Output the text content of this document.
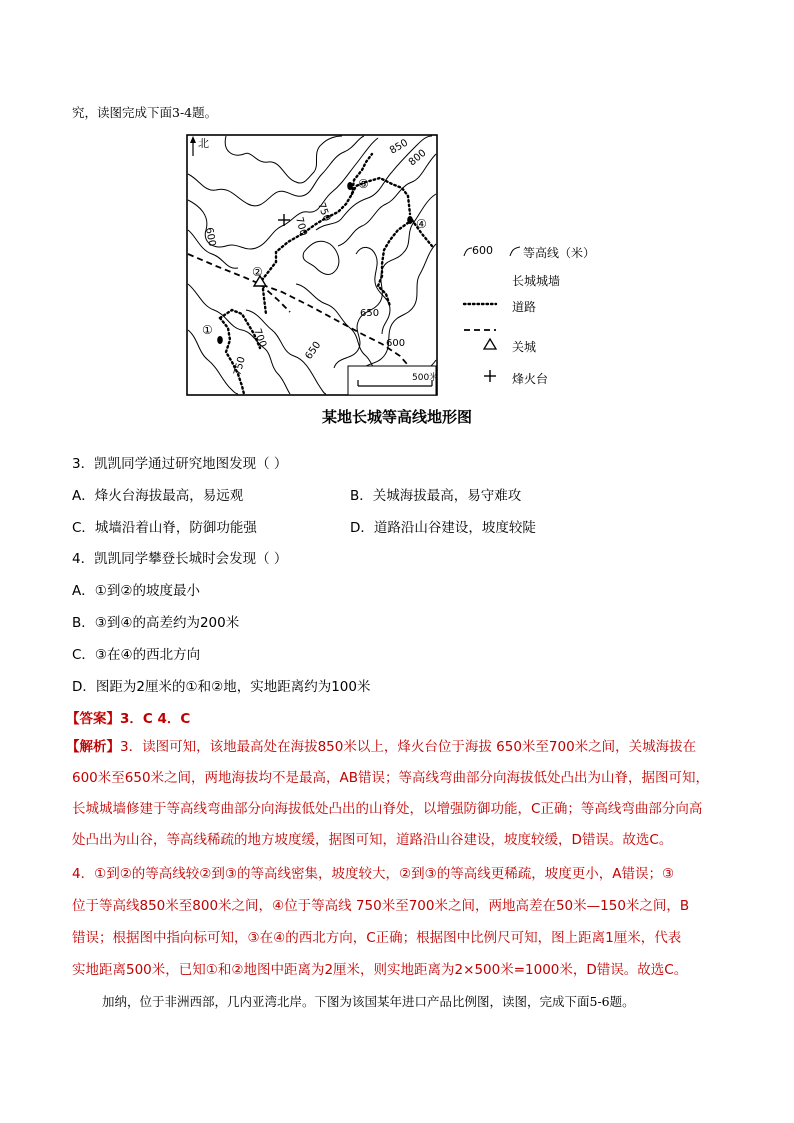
究，读图完成下面3-4题。
①
②
③
④
850
800
750
700
600
700
650
600
650
750
500米
北
600	等高线（米）
长城城墙
道路
关城
烽火台
某地长城等高线地形图
3．凯凯同学通过研究地图发现（ ）
A．烽火台海拔最高，易远观	B．关城海拔最高，易守难攻
C．城墙沿着山脊，防御功能强	D．道路沿山谷建设，坡度较陡
4．凯凯同学攀登长城时会发现（ ）
A．①到②的坡度最小
B．③到④的高差约为200米
C．③在④的西北方向
D．图距为2厘米的①和②地，实地距离约为100米
【答案】3．C 4．C
【解析】3．读图可知，该地最高处在海拔850米以上，烽火台位于海拔 650米至700米之间，关城海拔在
600米至650米之间，两地海拔均不是最高，AB错误；等高线弯曲部分向海拔低处凸出为山脊，据图可知，
长城城墙修建于等高线弯曲部分向海拔低处凸出的山脊处，以增强防御功能，C正确；等高线弯曲部分向高
处凸出为山谷，等高线稀疏的地方坡度缓，据图可知，道路沿山谷建设，坡度较缓，D错误。故选C。
4．①到②的等高线较②到③的等高线密集，坡度较大，②到③的等高线更稀疏，坡度更小，A错误；③
位于等高线850米至800米之间，④位于等高线 750米至700米之间，两地高差在50米—150米之间，B
错误；根据图中指向标可知，③在④的西北方向，C正确；根据图中比例尺可知，图上距离1厘米，代表
实地距离500米，已知①和②地图中距离为2厘米，则实地距离为2×500米=1000米，D错误。故选C。
加纳，位于非洲西部，几内亚湾北岸。下图为该国某年进口产品比例图，读图，完成下面5-6题。
